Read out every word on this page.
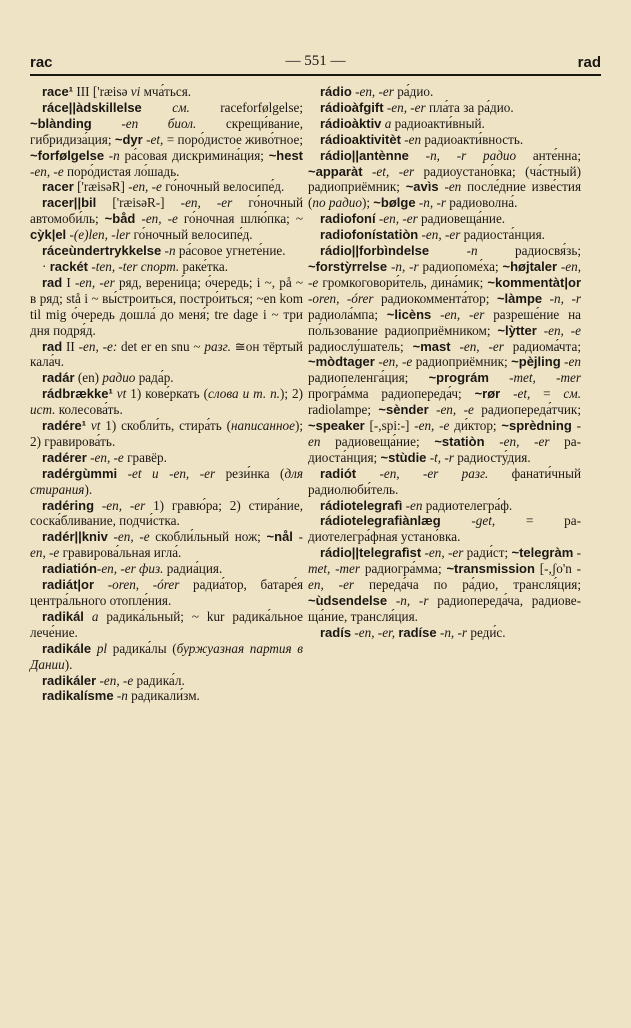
rac	— 551 —	rad

race¹ III ['ræisə vi мча́ться.

ráce||àdskillelse см. raceforfølgelse; ~blànding -en биол. скрещи́вание, гибридиза́ция; ~dyr -et, = поро́дистое живо́тное; ~forfølgelse -n ра́совая дискримина́ция; ~hest -en, -e поро́дистая ло́шадь.

racer ['ræisəR] -en, -e го́ночный велосипе́д.

racer||bil ['ræisəR-] -en, -er го́ночный автомоби́ль; ~båd -en, -e го́ночная шлю́пка; ~ cỳk|el -(e)len, -ler го́ночный велосипе́д.

ráceùndertrykkelse -n ра́совое угнете́ние.

· rackét -ten, -ter спорт. раке́тка.

rad I -en, -er ряд, верени́ца; о́чередь; i ~, på ~ в ряд; stå i ~ вы́строиться, постро́иться; ~en kom til mig о́чередь дошла́ до меня́; tre dage i ~ три дня подря́д.

rad II -en, -e: det er en snu ~ разг. ≅он тёртый кала́ч.

radár (en) радио рада́р.

rádbrække¹ vt 1) кове́ркать (слова и т. п.); 2) ист. колесова́ть.

radére¹ vt 1) скобли́ть, стира́ть (написанное); 2) гравирова́ть.

radérer -en, -e гравёр.

radérgùmmi -et и -en, -er рези́нка (для стирания).

radéring -en, -er 1) гравю́ра; 2) стира́ние, соска́бливание, подчи́стка.

radér||kniv -en, -e скобли́льный нож; ~nål -en, -e гравирова́льная игла́.

radiatión-en, -er физ. радиа́ция.

radiát|or -oren, -órer радиа́тор, батаре́я центра́льного отопле́ния.

radikál a радика́льный; ~ kur радика́льное лече́ние.

radikále pl радика́лы (буржуазная партия в Дании).

radikáler -en, -e радика́л.

radikalísme -n радикали́зм.

rádio -en, -er ра́дио.

rádioàfgift -en, -er пла́та за ра́дио.

rádioàktiv a радиоакти́вный.

rádioaktivitèt -en радиоакти́вность.

rádio||antènne -n, -r радио анте́нна; ~apparàt -et, -er радиоустано́вка; (ча́стный) радиоприёмник; ~avìs -en после́дние изве́стия (по радио); ~bølge -n, -r радиоволна́.

radiofoní -en, -er радиовеща́ние.

radiofonístatiòn -en, -er радиоста́нция.

rádio||forbìndelse	-n радиосвя́зь; ~forstỳrrelse -n, -r радиопоме́ха; ~højtaler -en, -e громкоговори́тель, дина́мик; ~kommentàt|or -oren, -órer радиокоммента́тор; ~làmpe -n, -r радиола́мпа; ~licèns -en, -er разреше́ние на по́льзование радиоприёмником; ~lỳtter -en, -e радиослу́шатель; ~mast -en, -er радиома́чта; ~mòdtager -en, -e радиоприёмник; ~pèjling -en радиопеленга́ция; ~prográm -met, -mer програ́мма радиопереда́ч; ~rør -et, = см. radiolampe; ~sènder -en, -e радиопереда́тчик; ~speaker [-,spi:-] -en, -e ди́ктор; ~sprèdning -en радиовеща́ние; ~statiòn -en, -er радиоста́нция; ~stùdie -t, -r радиосту́дия.

radiót -en, -er разг. фанати́чный радиолюби́тель.

rádiotelegrafì -en радиотелегра́ф.

rádiotelegrafiànlæg -get, = радиотелегра́фная устано́вка.

rádio||telegrafìst -en, -er ради́ст; ~telegràm -met, -mer радиогра́мма; ~transmission [-,ʃo'n -en, -er переда́ча по ра́дио, трансля́ция; ~ùdsendelse -n, -r радиопереда́ча, радиовеща́ние, трансля́ция.

radís -en, -er, radíse -n, -r реди́с.
